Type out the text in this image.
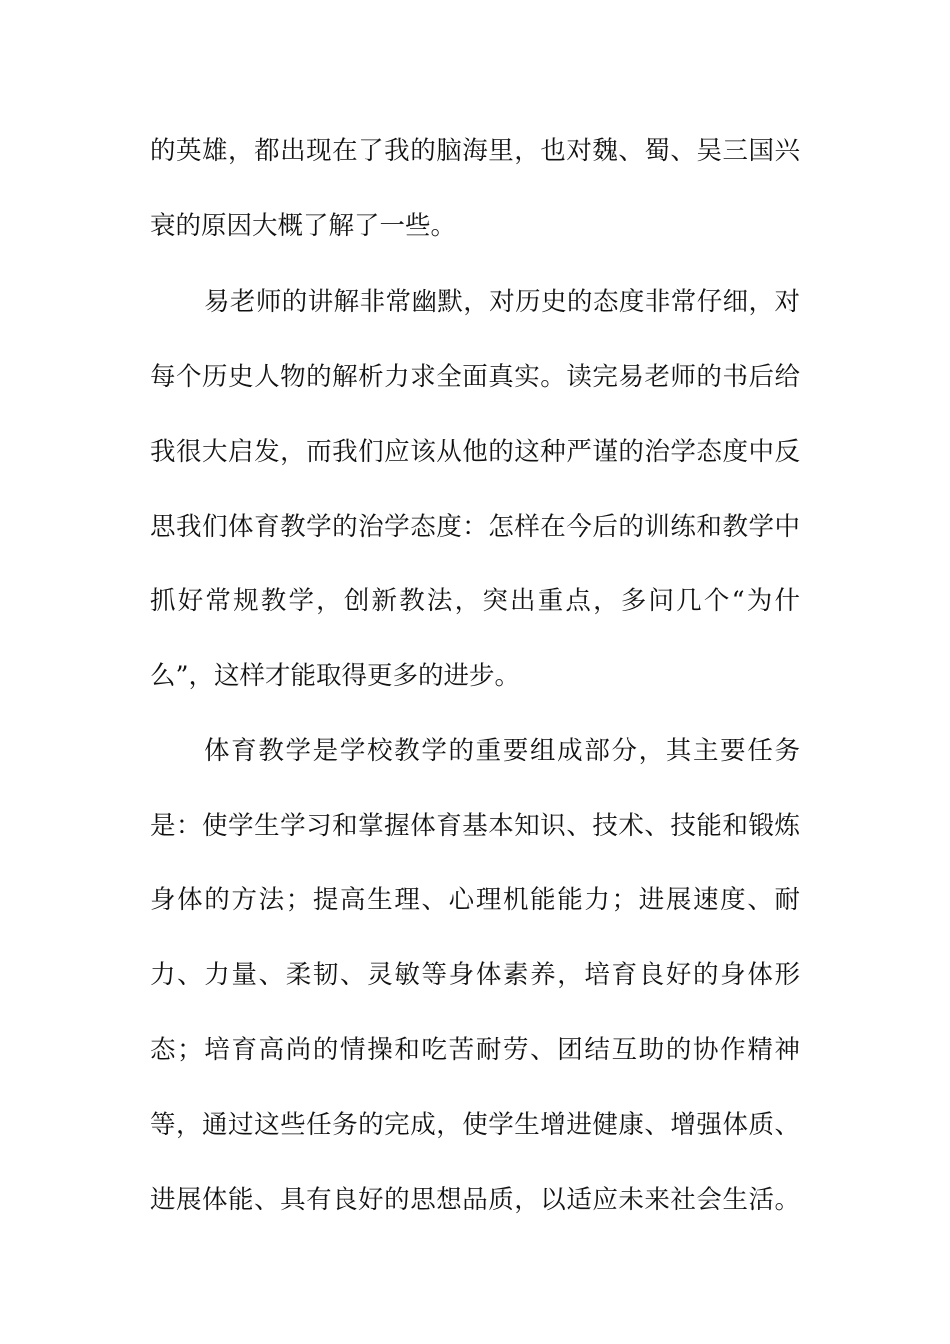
的英雄，都出现在了我的脑海里，也对魏、蜀、吴三国兴
衰的原因大概了解了一些。
易老师的讲解非常幽默，对历史的态度非常仔细，对
每个历史人物的解析力求全面真实。读完易老师的书后给
我很大启发，而我们应该从他的这种严谨的治学态度中反
思我们体育教学的治学态度：怎样在今后的训练和教学中
抓好常规教学，创新教法，突出重点，多问几个“为什
么”，这样才能取得更多的进步。
体育教学是学校教学的重要组成部分，其主要任务
是：使学生学习和掌握体育基本知识、技术、技能和锻炼
身体的方法；提高生理、心理机能能力；进展速度、耐
力、力量、柔韧、灵敏等身体素养，培育良好的身体形
态；培育高尚的情操和吃苦耐劳、团结互助的协作精神
等，通过这些任务的完成，使学生增进健康、增强体质、
进展体能、具有良好的思想品质，以适应未来社会生活。
